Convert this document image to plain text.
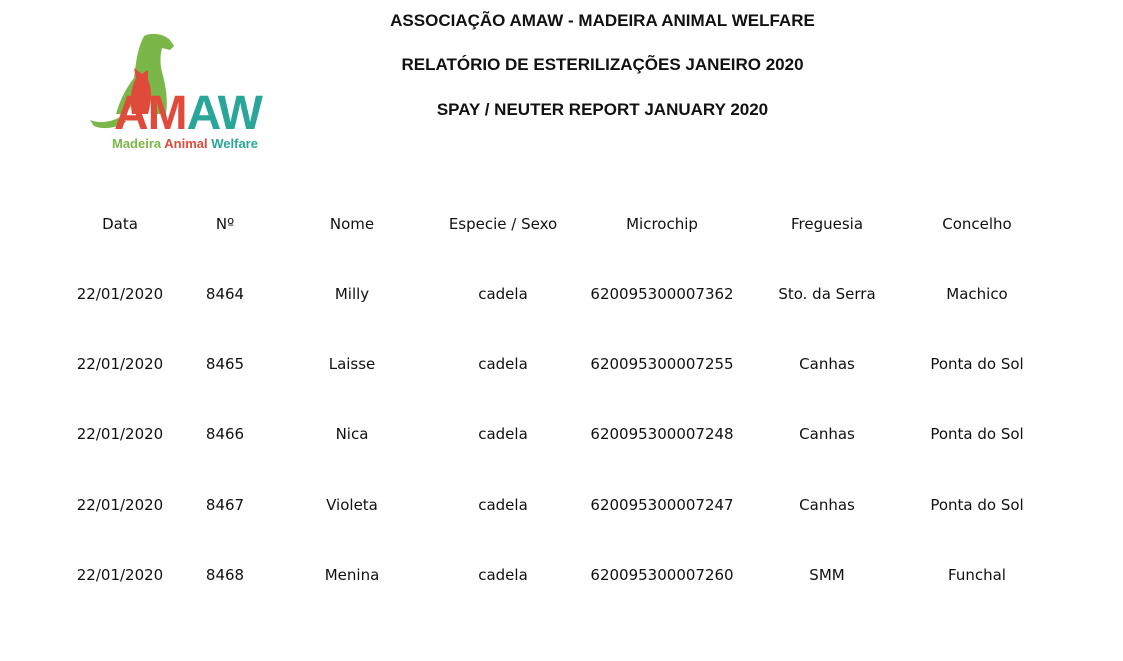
AMAW
Madeira Animal Welfare
ASSOCIAÇÃO AMAW - MADEIRA ANIMAL WELFARE
RELATÓRIO DE ESTERILIZAÇÕES JANEIRO 2020
SPAY / NEUTER REPORT JANUARY 2020
Data	Nº	Nome	Especie / Sexo	Microchip	Freguesia	Concelho
22/01/2020	8464	Milly	cadela	620095300007362	Sto. da Serra	Machico
22/01/2020	8465	Laisse	cadela	620095300007255	Canhas	Ponta do Sol
22/01/2020	8466	Nica	cadela	620095300007248	Canhas	Ponta do Sol
22/01/2020	8467	Violeta	cadela	620095300007247	Canhas	Ponta do Sol
22/01/2020	8468	Menina	cadela	620095300007260	SMM	Funchal
